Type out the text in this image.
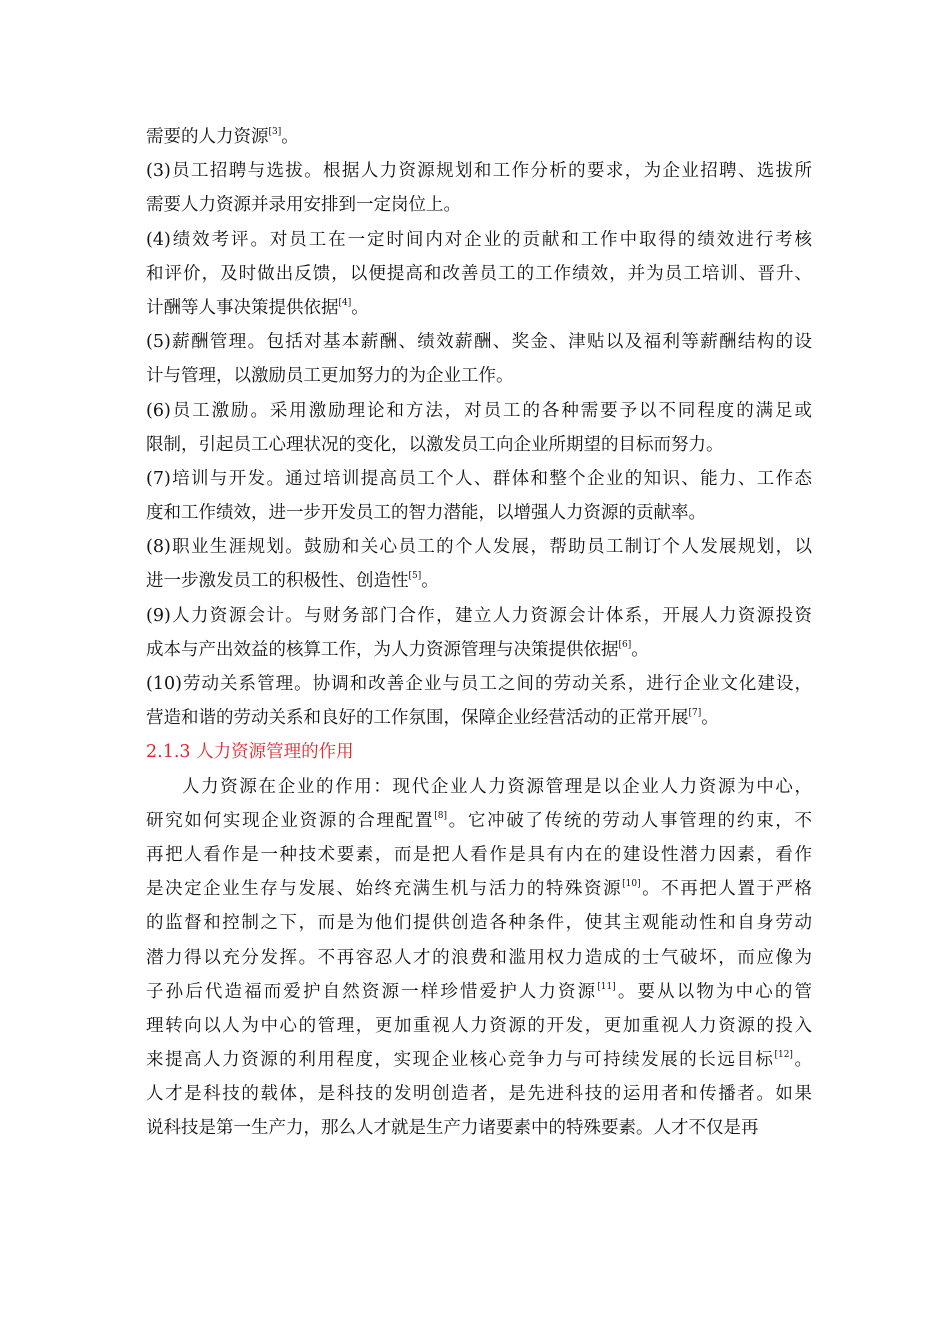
需要的人力资源[3]。
(3)员工招聘与选拔。根据人力资源规划和工作分析的要求，为企业招聘、选拔所
需要人力资源并录用安排到一定岗位上。
(4)绩效考评。对员工在一定时间内对企业的贡献和工作中取得的绩效进行考核
和评价，及时做出反馈，以便提高和改善员工的工作绩效，并为员工培训、晋升、
计酬等人事决策提供依据[4]。
(5)薪酬管理。包括对基本薪酬、绩效薪酬、奖金、津贴以及福利等薪酬结构的设
计与管理，以激励员工更加努力的为企业工作。
(6)员工激励。采用激励理论和方法，对员工的各种需要予以不同程度的满足或
限制，引起员工心理状况的变化，以激发员工向企业所期望的目标而努力。
(7)培训与开发。通过培训提高员工个人、群体和整个企业的知识、能力、工作态
度和工作绩效，进一步开发员工的智力潜能，以增强人力资源的贡献率。
(8)职业生涯规划。鼓励和关心员工的个人发展，帮助员工制订个人发展规划，以
进一步激发员工的积极性、创造性[5]。
(9)人力资源会计。与财务部门合作，建立人力资源会计体系，开展人力资源投资
成本与产出效益的核算工作，为人力资源管理与决策提供依据[6]。
(10)劳动关系管理。协调和改善企业与员工之间的劳动关系，进行企业文化建设，
营造和谐的劳动关系和良好的工作氛围，保障企业经营活动的正常开展[7]。
2.1.3 人力资源管理的作用
人力资源在企业的作用：现代企业人力资源管理是以企业人力资源为中心，
研究如何实现企业资源的合理配置[8]。它冲破了传统的劳动人事管理的约束，不
再把人看作是一种技术要素，而是把人看作是具有内在的建设性潜力因素，看作
是决定企业生存与发展、始终充满生机与活力的特殊资源[10]。不再把人置于严格
的监督和控制之下，而是为他们提供创造各种条件，使其主观能动性和自身劳动
潜力得以充分发挥。不再容忍人才的浪费和滥用权力造成的士气破坏，而应像为
子孙后代造福而爱护自然资源一样珍惜爱护人力资源[11]。要从以物为中心的管
理转向以人为中心的管理，更加重视人力资源的开发，更加重视人力资源的投入
来提高人力资源的利用程度，实现企业核心竞争力与可持续发展的长远目标[12]。
人才是科技的载体，是科技的发明创造者，是先进科技的运用者和传播者。如果
说科技是第一生产力，那么人才就是生产力诸要素中的特殊要素。人才不仅是再
